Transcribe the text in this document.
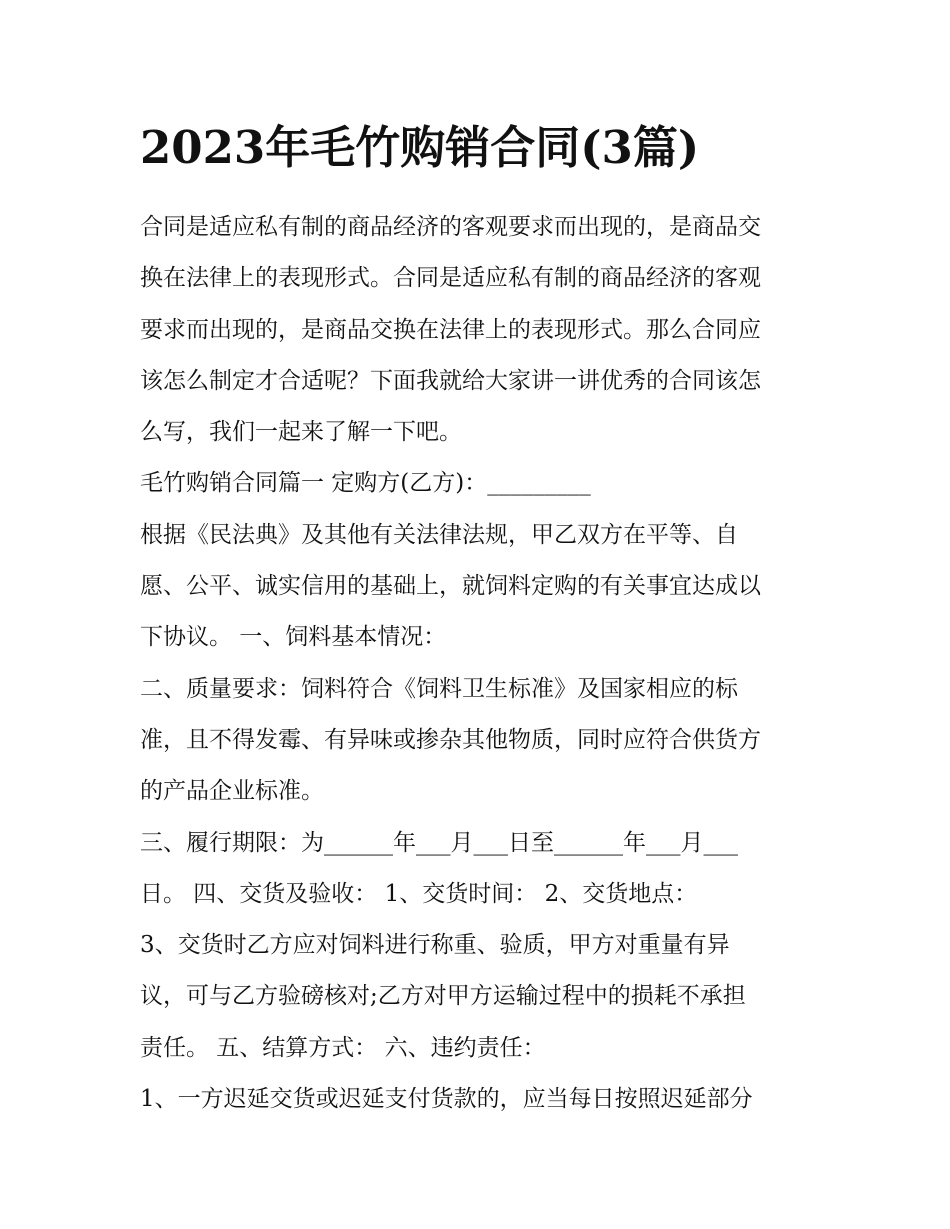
2023年毛竹购销合同(3篇)
合同是适应私有制的商品经济的客观要求而出现的，是商品交
换在法律上的表现形式。合同是适应私有制的商品经济的客观
要求而出现的，是商品交换在法律上的表现形式。那么合同应
该怎么制定才合适呢？下面我就给大家讲一讲优秀的合同该怎
么写，我们一起来了解一下吧。
毛竹购销合同篇一 定购方(乙方)：_________
根据《民法典》及其他有关法律法规，甲乙双方在平等、自
愿、公平、诚实信用的基础上，就饲料定购的有关事宜达成以
下协议。 一、饲料基本情况：
二、质量要求：饲料符合《饲料卫生标准》及国家相应的标
准，且不得发霉、有异味或掺杂其他物质，同时应符合供货方
的产品企业标准。
三、履行期限：为______年___月___日至______年___月___
日。 四、交货及验收： 1、交货时间： 2、交货地点：
3、交货时乙方应对饲料进行称重、验质，甲方对重量有异
议，可与乙方验磅核对;乙方对甲方运输过程中的损耗不承担
责任。 五、结算方式： 六、违约责任：
1、一方迟延交货或迟延支付货款的，应当每日按照迟延部分
